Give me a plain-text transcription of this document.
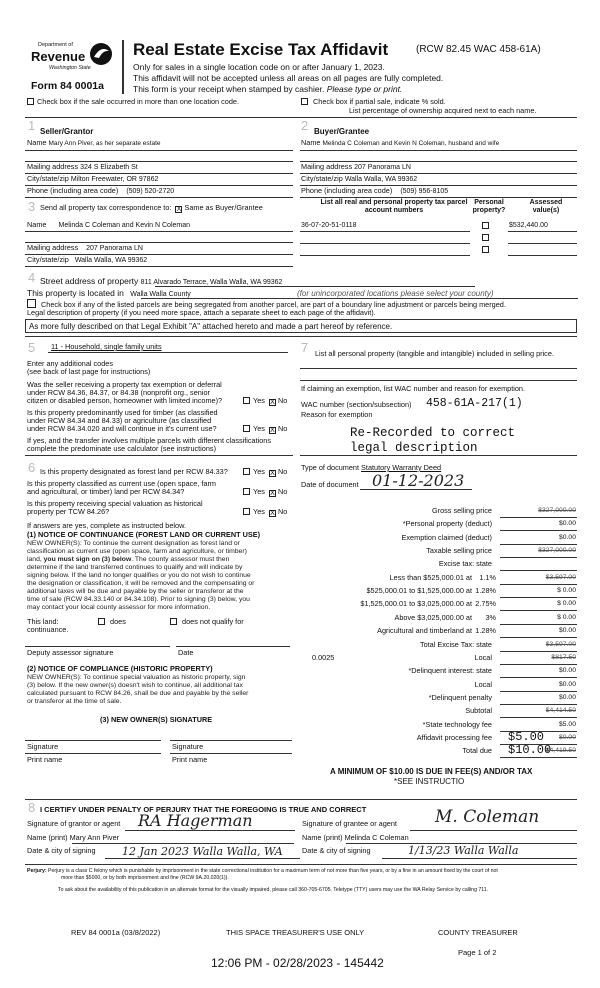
Department of
Revenue
Washington State
Form 84 0001a
Real Estate Excise Tax Affidavit	(RCW 82.45 WAC 458-61A)
Only for sales in a single location code on or after January 1, 2023.
This affidavit will not be accepted unless all areas on all pages are fully completed.
This form is your receipt when stamped by cashier. Please type or print.
Check box if the sale occurred in more than one location code.	Check box if partial sale, indicate % sold.
List percentage of ownership acquired next to each name.
1 Seller/Grantor	2 Buyer/Grantee
Name Mary Ann Piver, as her separate estate	Name Melinda C Coleman and Kevin N Coleman, husband and wife
Mailing address 324 S Elizabeth St
City/state/zip Milton Freewater, OR 97862
Phone (including area code) (509) 520-2720
Mailing address 207 Panorama LN
City/state/zip Walla Walla, WA 99362
Phone (including area code) (509) 956-8105
3 Send all property tax correspondence to: X Same as Buyer/Grantee
Name Melinda C Coleman and Kevin N Coleman
Mailing address 207 Panorama LN
City/state/zip Walla Walla, WA 99362
List all real and personal property tax parcel account numbers
Personal property?
Assessed value(s)
36-07-20-51-0118	$532,440.00
4 Street address of property 811 Alvarado Terrace, Walla Walla, WA 99362
This property is located in Walla Walla County	(for unincorporated locations please select your county)
Check box if any of the listed parcels are being segregated from another parcel, are part of a boundary line adjustment or parcels being merged.
Legal description of property (if you need more space, attach a separate sheet to each page of the affidavit).
As more fully described on that Legal Exhibit "A" attached hereto and made a part hereof by reference.
5 11 - Household, single family units
Enter any additional codes
(see back of last page for instructions)
Was the seller receiving a property tax exemption or deferral
under RCW 84.36, 84.37, or 84.38 (nonprofit org., senior
citizen or disabled person, homeowner with limited income)?	Yes X No
Is this property predominantly used for timber (as classified
under RCW 84.34 and 84.33) or agriculture (as classified
under RCW 84.34.020 and will continue in it's current use?	Yes X No
If yes, and the transfer involves multiple parcels with different classifications
complete the predominate use calculator (see instructions)
7 List all personal property (tangible and intangible) included in selling price.
If claiming an exemption, list WAC number and reason for exemption.
WAC number (section/subsection) 458-61A-217(1)
Reason for exemption
Re-Recorded to correct
legal description
6 Is this property designated as forest land per RCW 84.33?	Yes X No
Is this property classified as current use (open space, farm
and agricultural, or timber) land per RCW 84.34?	Yes X No
Is this property receiving special valuation as historical
property per TCW 84.26?	Yes X No
If answers are yes, complete as instructed below.
(1) NOTICE OF CONTINUANCE (FOREST LAND OR CURRENT USE)
NEW OWNER(S): To continue the current designation as forest land or
classification as current use (open space, farm and agriculture, or timber)
land, you must sign on (3) below. The county assessor must then
determine if the land transferred continues to qualify and will indicate by
signing below. If the land no longer qualifies or you do not wish to continue
the designation or classification, it will be removed and the compensating or
additional taxes will be due and payable by the seller or transferor at the
time of sale (RCW 84.33.140 or 84.34.108). Prior to signing (3) below, you
may contact your local county assessor for more information.
This land:	does	does not qualify for
continuance.
Deputy assessor signature	Date
(2) NOTICE OF COMPLIANCE (HISTORIC PROPERTY)
NEW OWNER(S): To continue special valuation as historic property, sign
(3) below. If the new owner(s) doesn't wish to continue, all additional tax
calculated pursuant to RCW 84.26, shall be due and payable by the seller
or transferor at the time of sale.
(3) NEW OWNER(S) SIGNATURE
Signature	Signature
Print name	Print name
Type of document Statutory Warranty Deed
Date of document 01-12-2023
Gross selling price	$327,000.00
*Personal property (deduct)	$0.00
Exemption claimed (deduct)	$0.00
Taxable selling price	$327,000.00
Excise tax: state
Less than $525,000.01 at	1.1%	$3,597.00
$525,000.01 to $1,525,000.00 at 1.28%	$ 0.00
$1,525,000.01 to $3,025,000.00 at 2.75%	$ 0.00
Above $3,025,000.00 at	3%	$ 0.00
Agricultural and timberland at 1.28%	$0.00
Total Excise Tax: state	$3,597.00
Local
0.0025	$817.50
*Delinquent interest: state	$0.00
Local	$0.00
*Delinquent penalty	$0.00
Subtotal	$4,414.50
*State technology fee	$5.00
Affidavit processing fee $5.00	$0.00
Total due $10.00
$4,419.50
A MINIMUM OF $10.00 IS DUE IN FEE(S) AND/OR TAX
*SEE INSTRUCTIO
8 I CERTIFY UNDER PENALTY OF PERJURY THAT THE FOREGOING IS TRUE AND CORRECT
Signature of grantor or agent RA Hagerman
Name (print) Mary Ann Piver
Date & city of signing 12 Jan 2023 Walla Walla, WA
Signature of grantee or agent M. Coleman
Name (print) Melinda C Coleman
Date & city of signing	1/13/23 Walla Walla
Perjury: Perjury is a class C felony which is punishable by imprisonment in the state correctional institution for a maximum term of not more than five years, or by a fine in an amount fixed by the court of not
more than $5000, or by both imprisonment and fine (RCW 9A.20.020(1)).
To ask about the availability of this publication in an alternate format for the visually impaired, please call 360-705-6705. Teletype (TTY) users may use the WA Relay Service by calling 711.
REV 84 0001a (03/8/2022)	THIS SPACE TREASURER'S USE ONLY	COUNTY TREASURER
Page 1 of 2
12:06 PM - 02/28/2023 - 145442
